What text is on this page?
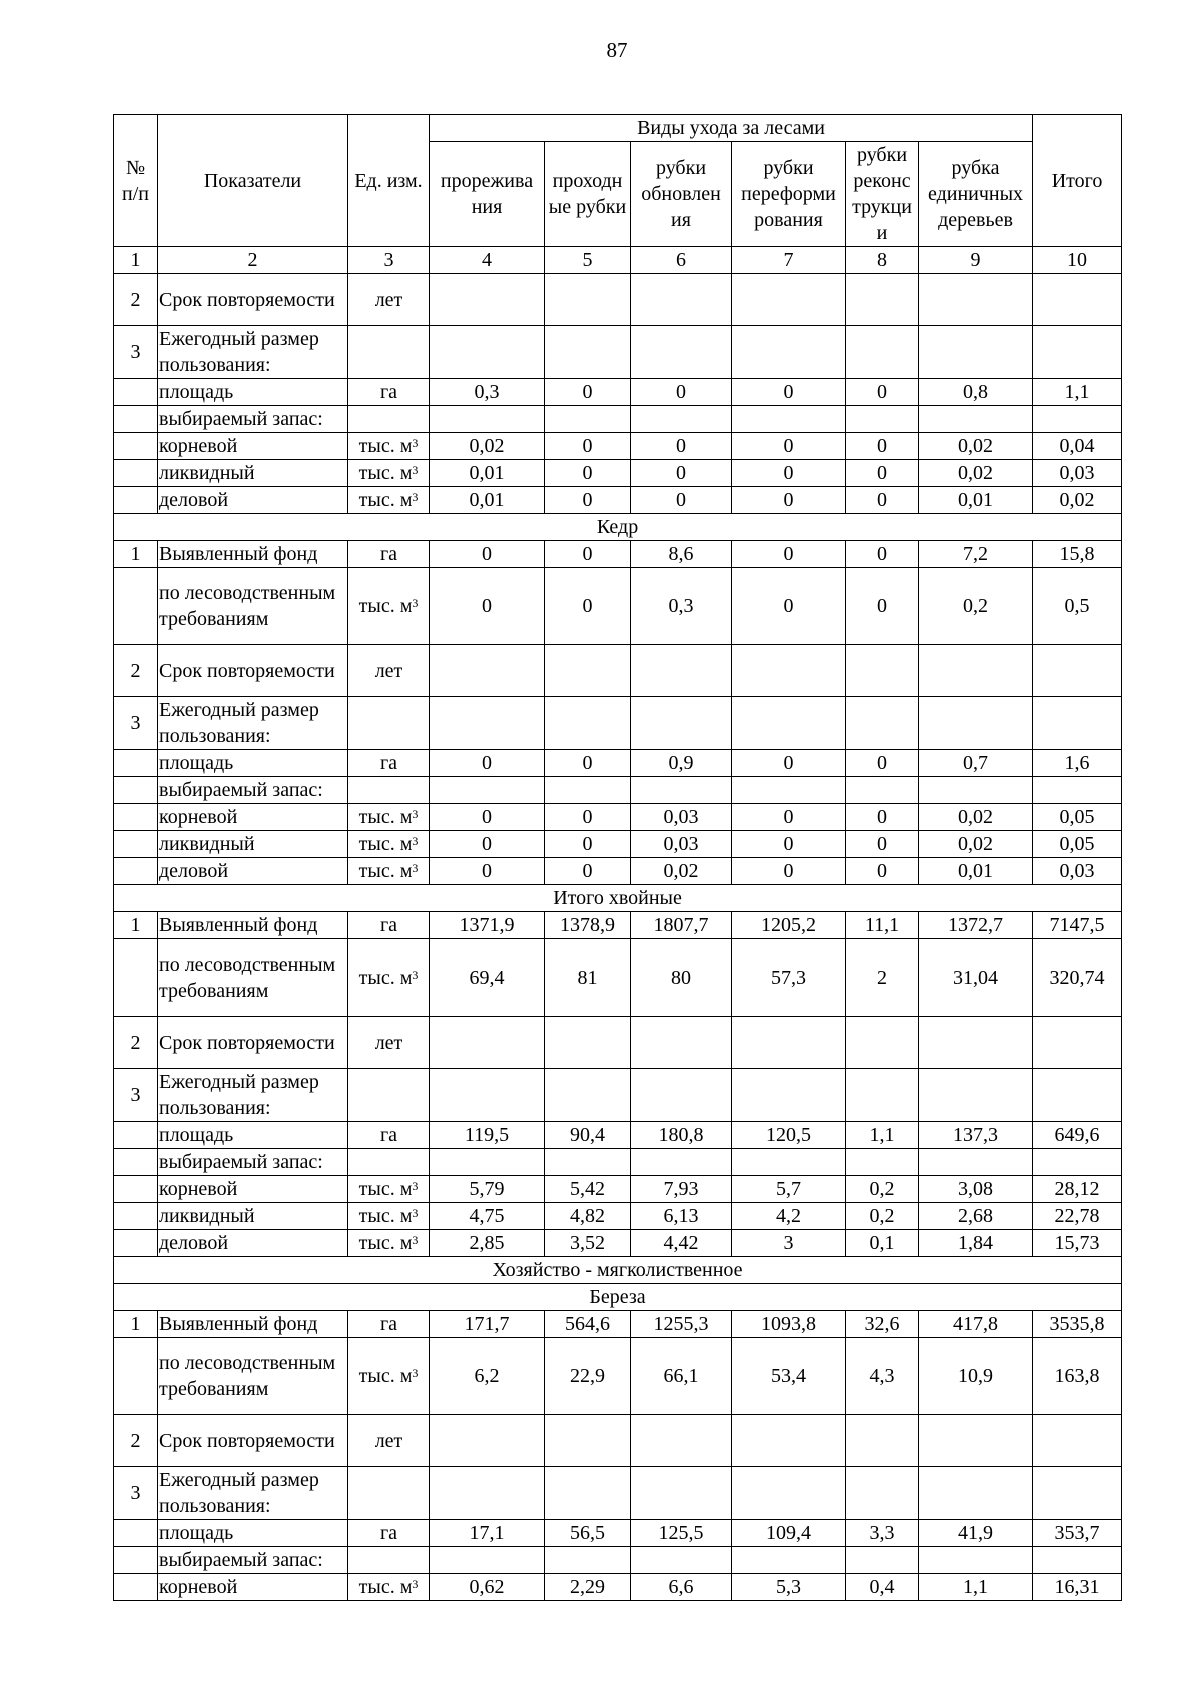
87
№ п/п	Показатели	Ед. изм.	Виды ухода за лесами						Итого
			прорежива ния	проходн ые рубки	рубки обновлен ия	рубки переформи рования	рубки реконс трукци и	рубка единичных деревьев	
1	2	3	4	5	6	7	8	9	10
2	Срок повторяемости	лет							
3	Ежегодный размер пользования:								
	площадь	га	0,3	0	0	0	0	0,8	1,1
	выбираемый запас:								
	корневой	тыс. $м^3$	0,02	0	0	0	0	0,02	0,04
	ликвидный	тыс. $м^3$	0,01	0	0	0	0	0,02	0,03
	деловой	тыс. $м^3$	0,01	0	0	0	0	0,01	0,02
Кедр									
1	Выявленный фонд	га	0	0	8,6	0	0	7,2	15,8
	по лесоводственным требованиям	тыс. $м^3$	0	0	0,3	0	0	0,2	0,5
2	Срок повторяемости	лет							
3	Ежегодный размер пользования:								
	площадь	га	0	0	0,9	0	0	0,7	1,6
	выбираемый запас:								
	корневой	тыс. $м^3$	0	0	0,03	0	0	0,02	0,05
	ликвидный	тыс. $м^3$	0	0	0,03	0	0	0,02	0,05
	деловой	тыс. $м^3$	0	0	0,02	0	0	0,01	0,03
Итого хвойные									
1	Выявленный фонд	га	1371,9	1378,9	1807,7	1205,2	11,1	1372,7	7147,5
	по лесоводственным требованиям	тыс. $м^3$	69,4	81	80	57,3	2	31,04	320,74
2	Срок повторяемости	лет							
3	Ежегодный размер пользования:								
	площадь	га	119,5	90,4	180,8	120,5	1,1	137,3	649,6
	выбираемый запас:								
	корневой	тыс. $м^3$	5,79	5,42	7,93	5,7	0,2	3,08	28,12
	ликвидный	тыс. $м^3$	4,75	4,82	6,13	4,2	0,2	2,68	22,78
	деловой	тыс. $м^3$	2,85	3,52	4,42	3	0,1	1,84	15,73
Хозяйство - мягколиственное									
Береза									
1	Выявленный фонд	га	171,7	564,6	1255,3	1093,8	32,6	417,8	3535,8
	по лесоводственным требованиям	тыс. $м^3$	6,2	22,9	66,1	53,4	4,3	10,9	163,8
2	Срок повторяемости	лет							
3	Ежегодный размер пользования:								
	площадь	га	17,1	56,5	125,5	109,4	3,3	41,9	353,7
	выбираемый запас:								
	корневой	тыс. $м^3$	0,62	2,29	6,6	5,3	0,4	1,1	16,31
